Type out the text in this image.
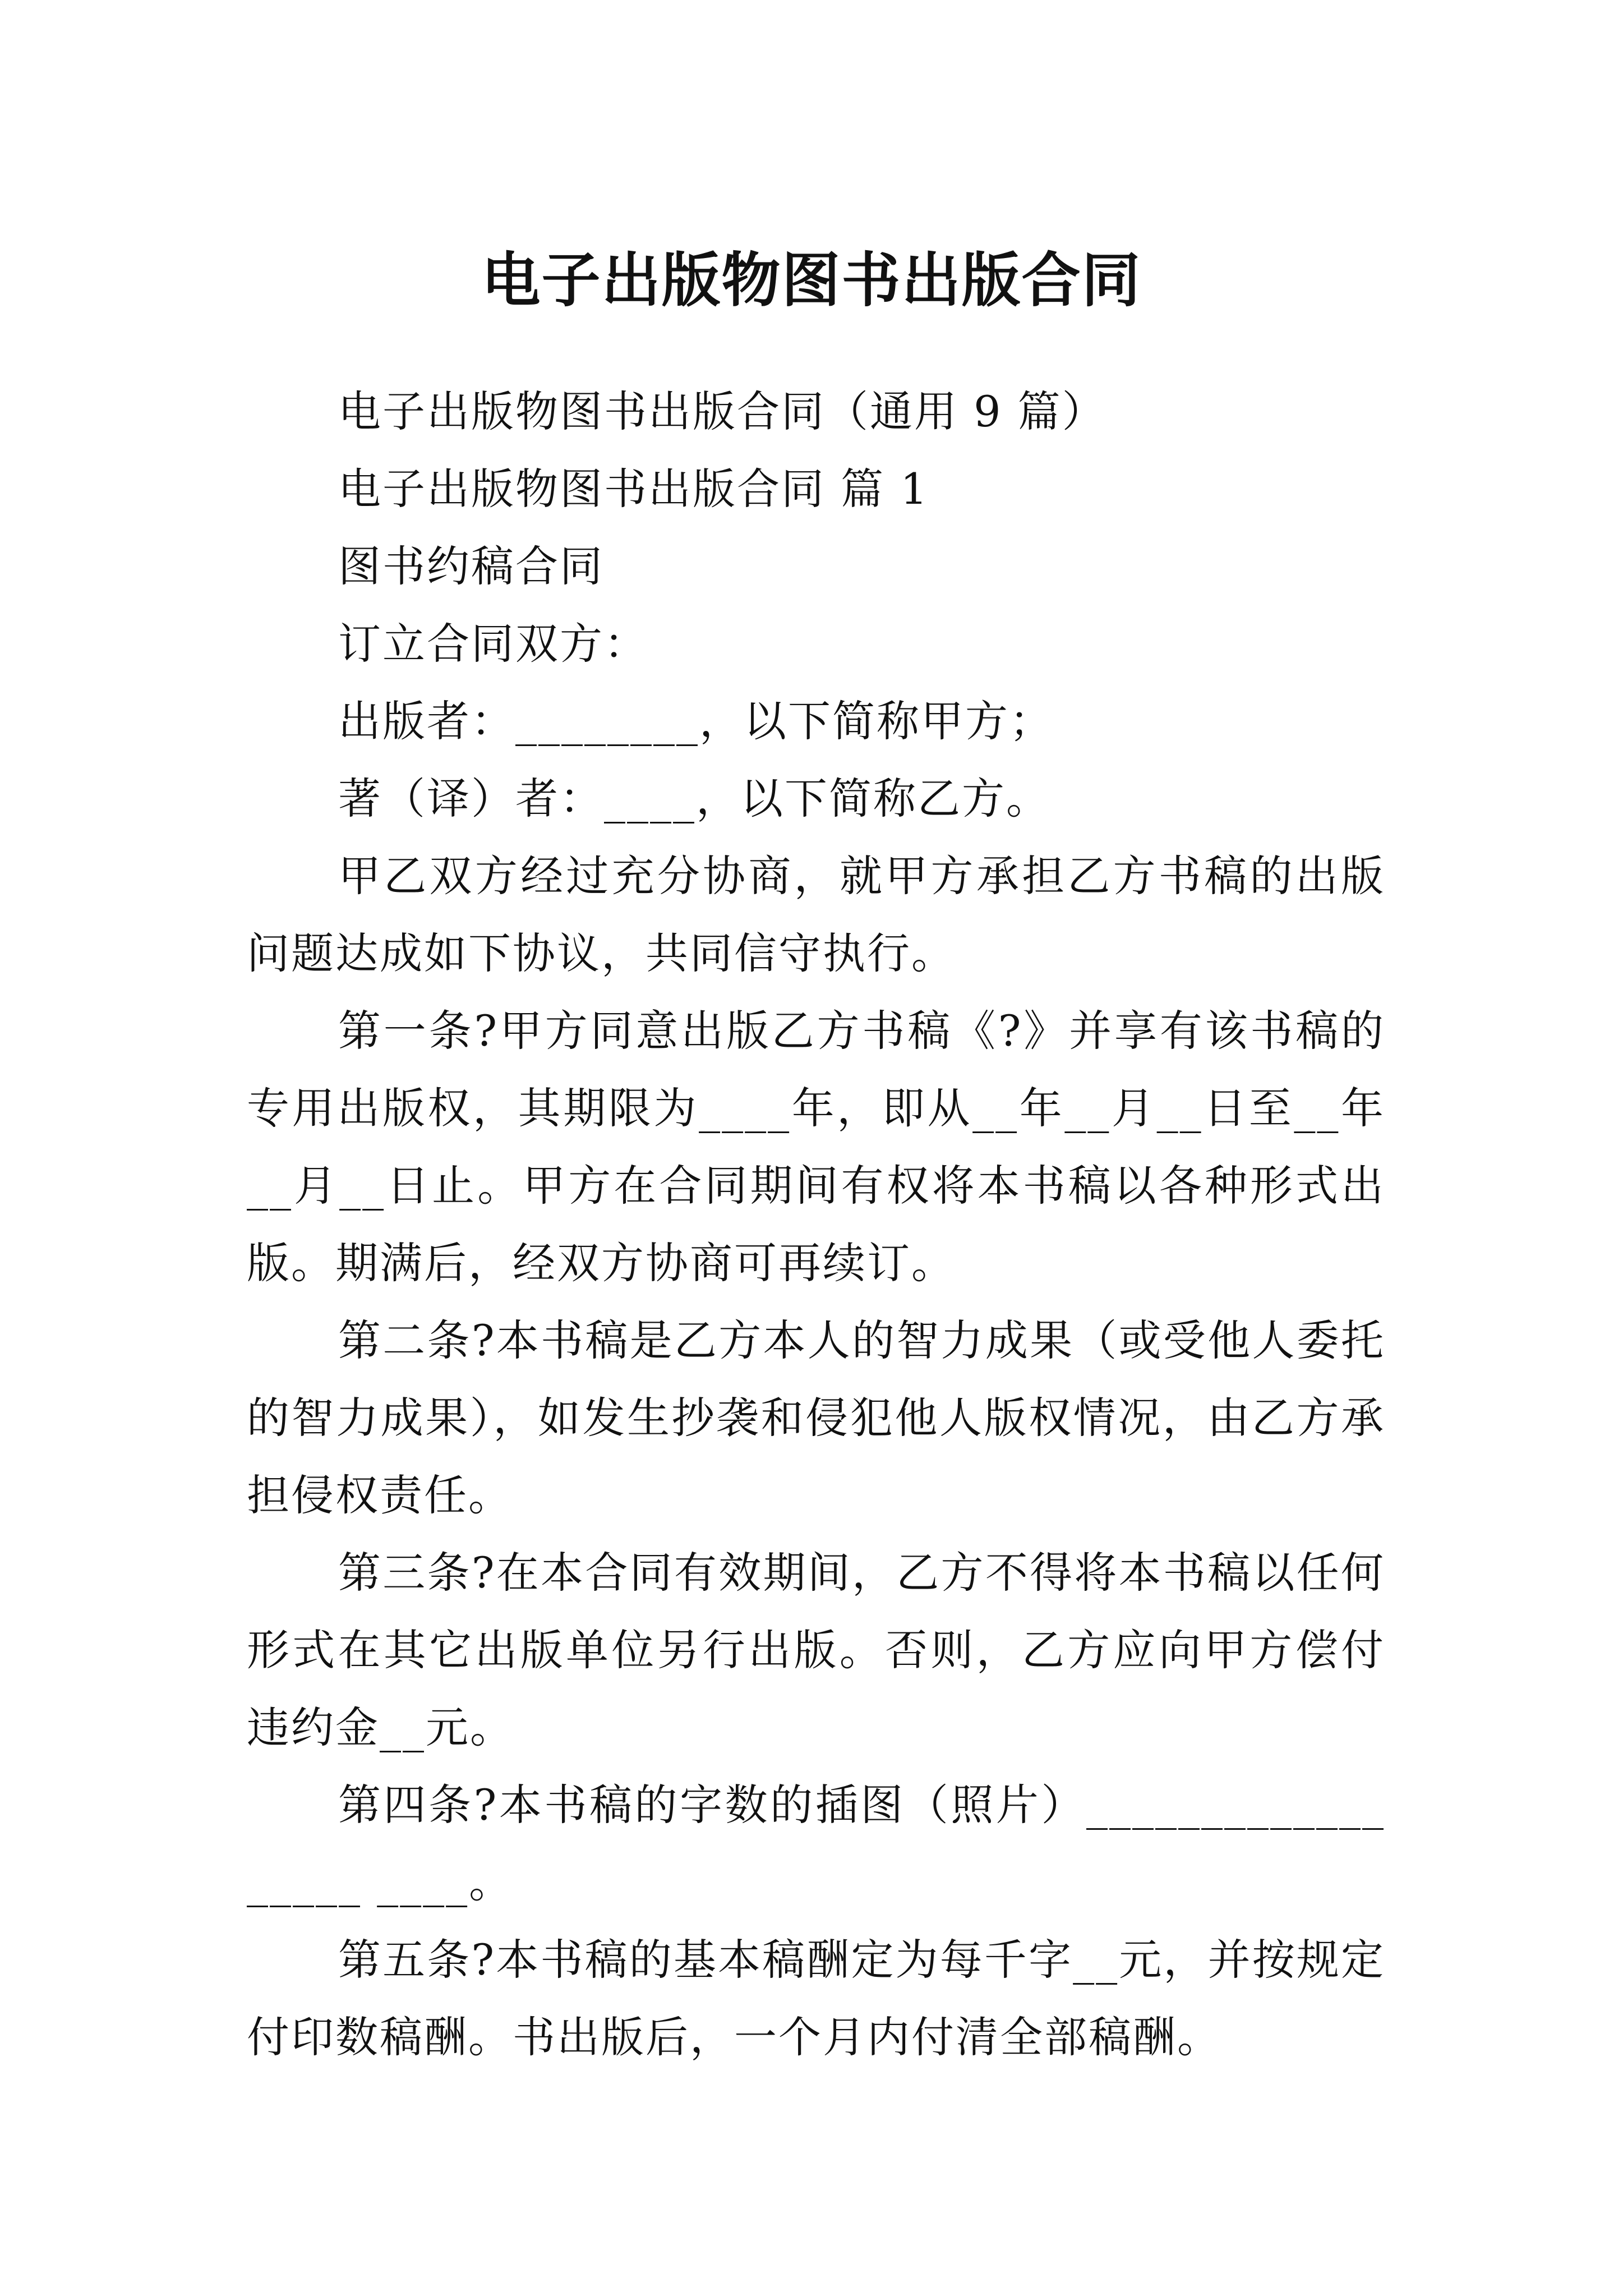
电子出版物图书出版合同

电子出版物图书出版合同（通用 9 篇）

电子出版物图书出版合同 篇 1

图书约稿合同

订立合同双方：

出版者：________，以下简称甲方；

著（译）者：____，以下简称乙方。

甲乙双方经过充分协商，就甲方承担乙方书稿的出版问题达成如下协议，共同信守执行。

第一条?甲方同意出版乙方书稿《?》并享有该书稿的专用出版权，其期限为____年，即从__年__月__日至__年__月__日止。甲方在合同期间有权将本书稿以各种形式出版。期满后，经双方协商可再续订。

第二条?本书稿是乙方本人的智力成果（或受他人委托的智力成果），如发生抄袭和侵犯他人版权情况，由乙方承担侵权责任。

第三条?在本合同有效期间，乙方不得将本书稿以任何形式在其它出版单位另行出版。否则，乙方应向甲方偿付违约金__元。

第四条?本书稿的字数的插图（照片）__________________ ____。

第五条?本书稿的基本稿酬定为每千字__元，并按规定付印数稿酬。书出版后，一个月内付清全部稿酬。
